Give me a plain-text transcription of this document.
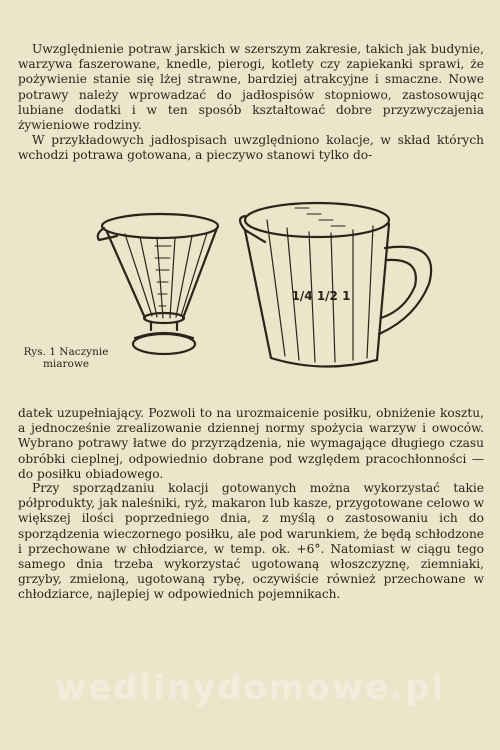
Uwzględnienie potraw jarskich w szerszym zakresie, takich jak budynie, warzywa faszerowane, knedle, pierogi, kotlety czy zapiekanki sprawi, że pożywienie stanie się lżej strawne, bardziej atrakcyjne i smaczne. Nowe potrawy należy wprowadzać do jadłospisów stopniowo, zastosowując lubiane dodatki i w ten sposób kształtować dobre przyzwyczajenia żywieniowe rodziny.

W przykładowych jadłospisach uwzględniono kolacje, w skład których wchodzi potrawa gotowana, a pieczywo stanowi tylko do-

1/4 1/2 1
Rys. 1 Naczynie miarowe

datek uzupełniający. Pozwoli to na urozmaicenie posiłku, obniżenie kosztu, a jednocześnie zrealizowanie dziennej normy spożycia warzyw i owoców. Wybrano potrawy łatwe do przyrządzenia, nie wymagające długiego czasu obróbki cieplnej, odpowiednio dobrane pod względem pracochłonności — do posiłku obiadowego.

Przy sporządzaniu kolacji gotowanych można wykorzystać takie półprodukty, jak naleśniki, ryż, makaron lub kasze, przygotowane celowo w większej ilości poprzedniego dnia, z myślą o zastosowaniu ich do sporządzenia wieczornego posiłku, ale pod warunkiem, że będą schłodzone i przechowane w chłodziarce, w temp. ok. +6°. Natomiast w ciągu tego samego dnia trzeba wykorzystać ugotowaną włoszczyznę, ziemniaki, grzyby, zmieloną, ugotowaną rybę, oczywiście również przechowane w chłodziarce, najlepiej w odpowiednich pojemnikach.

wedlinydomowe.pl
